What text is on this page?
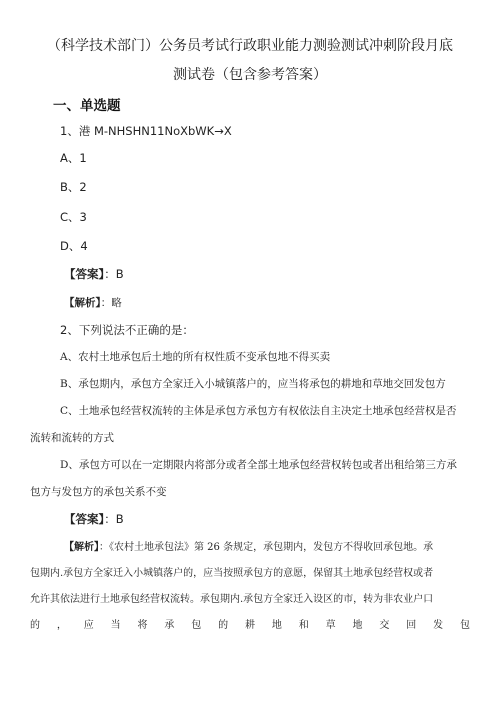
（科学技术部门）公务员考试行政职业能力测验测试冲刺阶段月底
测试卷（包含参考答案）
一、单选题
1、港 M-NHSHN11NoXbWK→X
A、1
B、2
C、3
D、4
【答案】：B
【解析】：略
2、下列说法不正确的是：
A、农村土地承包后土地的所有权性质不变承包地不得买卖
B、承包期内，承包方全家迁入小城镇落户的，应当将承包的耕地和草地交回发包方
C、土地承包经营权流转的主体是承包方承包方有权依法自主决定土地承包经营权是否
流转和流转的方式
D、承包方可以在一定期限内将部分或者全部土地承包经营权转包或者出租给第三方承
包方与发包方的承包关系不变
【答案】：B
【解析】：《农村土地承包法》第 26 条规定，承包期内，发包方不得收回承包地。承
包期内.承包方全家迁入小城镇落户的，应当按照承包方的意愿，保留其土地承包经营权或者
允许其依法进行土地承包经营权流转。承包期内.承包方全家迁入设区的市，转为非农业户口
的 ， 应 当 将 承 包 的 耕 地 和 草 地 交 回 发 包
